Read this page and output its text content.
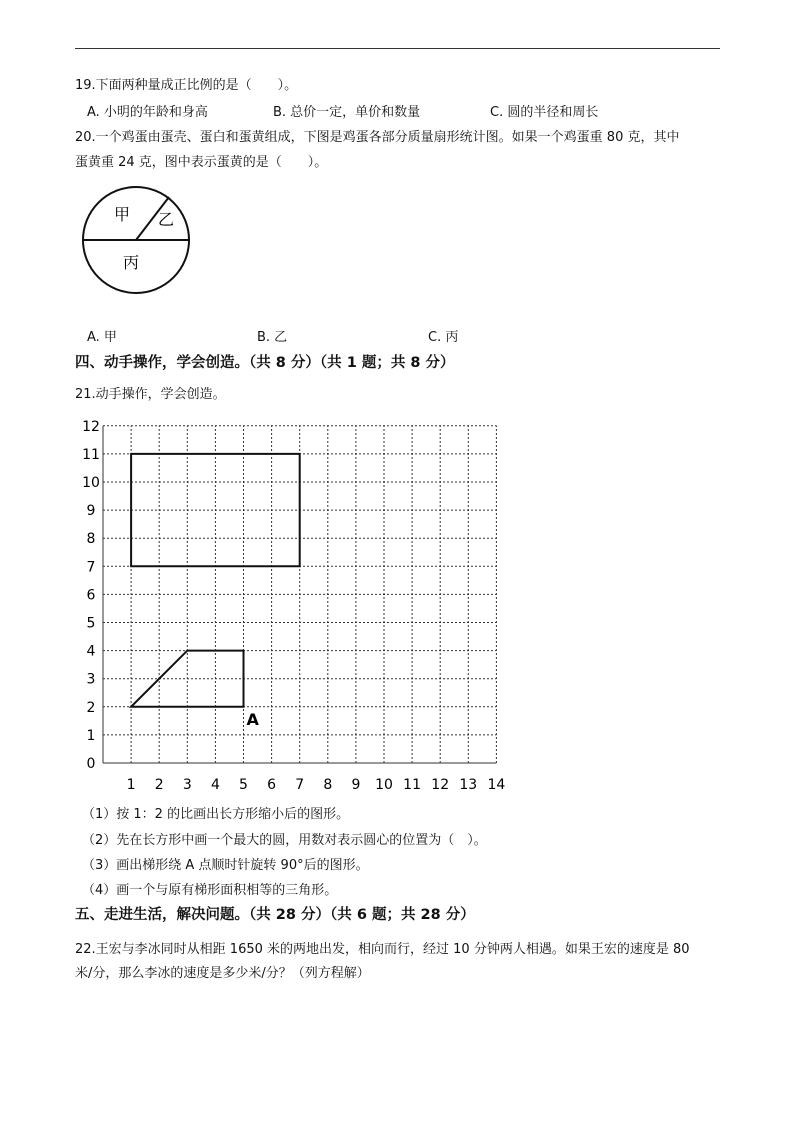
19.下面两种量成正比例的是（　　）。
A. 小明的年龄和身高	B. 总价一定，单价和数量	C. 圆的半径和周长
20.一个鸡蛋由蛋壳、蛋白和蛋黄组成，下图是鸡蛋各部分质量扇形统计图。如果一个鸡蛋重 80 克，其中
蛋黄重 24 克，图中表示蛋黄的是（　　）。
甲 乙
丙
A. 甲	B. 乙	C. 丙
四、动手操作，学会创造。（共 8 分）（共 1 题；共 8 分）
21.动手操作，学会创造。
1 2 3 4 5 6 7 8 9 10 11 12 13 14
0
1
2
3
4
5
6
7
8
9
10
11
12
A
（1）按 1：2 的比画出长方形缩小后的图形。
（2）先在长方形中画一个最大的圆，用数对表示圆心的位置为（　）。
（3）画出梯形绕 A 点顺时针旋转 90°后的图形。
（4）画一个与原有梯形面积相等的三角形。
五、走进生活，解决问题。（共 28 分）（共 6 题；共 28 分）
22.王宏与李冰同时从相距 1650 米的两地出发，相向而行，经过 10 分钟两人相遇。如果王宏的速度是 80
米/分，那么李冰的速度是多少米/分？（列方程解）
